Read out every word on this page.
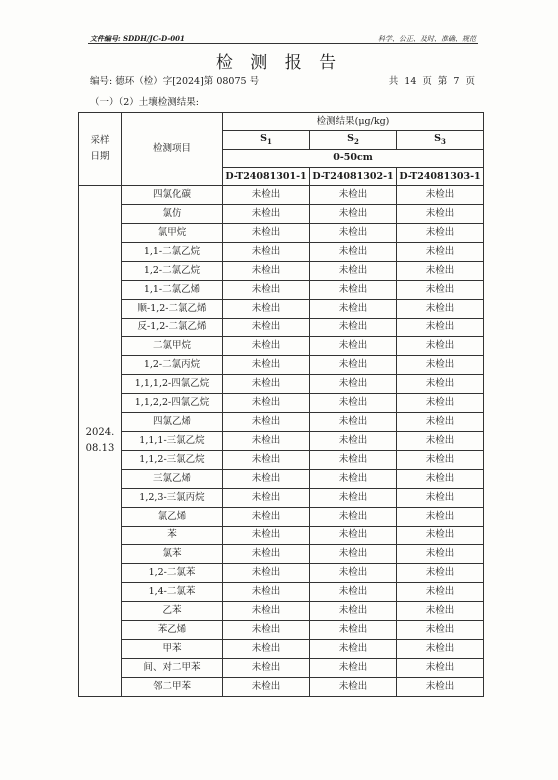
文件编号: SDDH/JC-D-001	科学、公正、及时、准确、规范
检 测 报 告
编号: 德环（检）字[2024]第 08075 号	共 14 页 第 7 页
（一）（2）土壤检测结果:
采样
日期	检测项目	检测结果(μg/kg)		
		$S_1$	$S_2$	$S_3$
		0-50cm		
		D-T24081301-1	D-T24081302-1	D-T24081303-1
2024.
08.13	四氯化碳	未检出	未检出	未检出
	氯仿	未检出	未检出	未检出
	氯甲烷	未检出	未检出	未检出
	1,1-二氯乙烷	未检出	未检出	未检出
	1,2-二氯乙烷	未检出	未检出	未检出
	1,1-二氯乙烯	未检出	未检出	未检出
	顺-1,2-二氯乙烯	未检出	未检出	未检出
	反-1,2-二氯乙烯	未检出	未检出	未检出
	二氯甲烷	未检出	未检出	未检出
	1,2-二氯丙烷	未检出	未检出	未检出
	1,1,1,2-四氯乙烷	未检出	未检出	未检出
	1,1,2,2-四氯乙烷	未检出	未检出	未检出
	四氯乙烯	未检出	未检出	未检出
	1,1,1-三氯乙烷	未检出	未检出	未检出
	1,1,2-三氯乙烷	未检出	未检出	未检出
	三氯乙烯	未检出	未检出	未检出
	1,2,3-三氯丙烷	未检出	未检出	未检出
	氯乙烯	未检出	未检出	未检出
	苯	未检出	未检出	未检出
	氯苯	未检出	未检出	未检出
	1,2-二氯苯	未检出	未检出	未检出
	1,4-二氯苯	未检出	未检出	未检出
	乙苯	未检出	未检出	未检出
	苯乙烯	未检出	未检出	未检出
	甲苯	未检出	未检出	未检出
	间、对二甲苯	未检出	未检出	未检出
	邻二甲苯	未检出	未检出	未检出
